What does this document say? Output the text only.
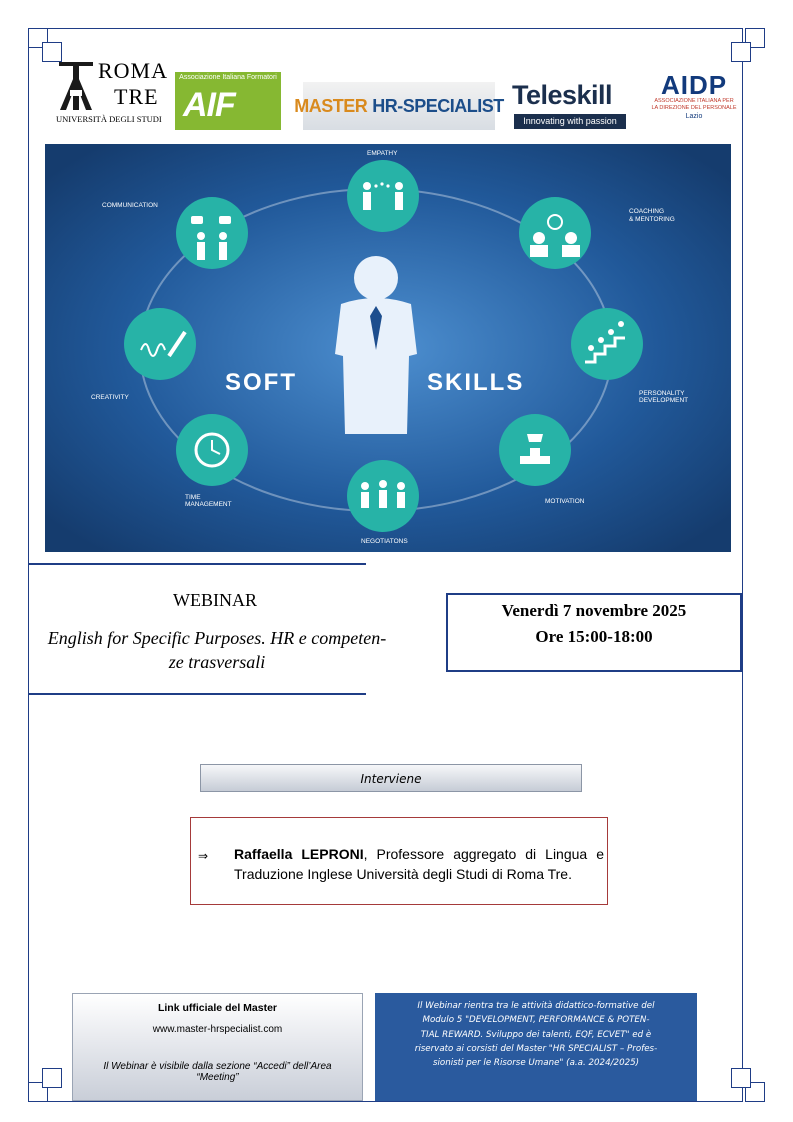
ROMA
TRE
UNIVERSITÀ DEGLI STUDI
Associazione Italiana Formatori
AIF	MASTER HR-SPECIALIST Teleskill
Innovating with passion
AIDP
ASSOCIAZIONE ITALIANA PER
LA DIREZIONE DEL PERSONALE
Lazio
SOFT	SKILLS
EMPATHY
COACHING
& MENTORING
PERSONALITY
DEVELOPMENT
MOTIVATION
NEGOTIATONS
TIME
MANAGEMENT
CREATIVITY
COMMUNICATION
WEBINAR
English for Specific Purposes. HR e competen-
ze trasversali
Venerdì 7 novembre 2025
Ore 15:00-18:00
Interviene
⇒ Raffaella LEPRONI, Professore aggregato di Lingua e Traduzione Inglese Università degli Studi di Roma Tre.
Link ufficiale del Master
www.master-hrspecialist.com
Il Webinar è visibile dalla sezione “Accedi” dell’Area
“Meeting”
Il Webinar rientra tra le attività didattico-formative del
Modulo 5 "DEVELOPMENT, PERFORMANCE & POTEN-
TIAL REWARD. Sviluppo dei talenti, EQF, ECVET" ed è
riservato ai corsisti del Master "HR SPECIALIST – Profes-
sionisti per le Risorse Umane" (a.a. 2024/2025)
